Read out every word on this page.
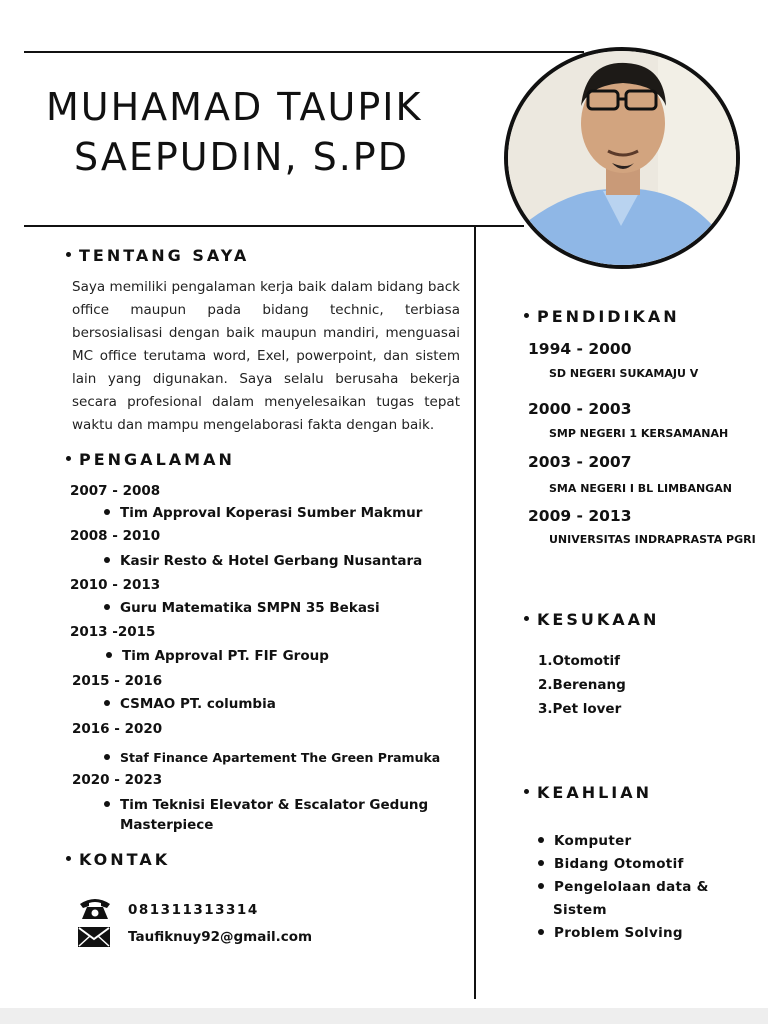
MUHAMAD TAUPIK
SAEPUDIN, S.PD
TENTANG SAYA
Saya memiliki pengalaman kerja baik dalam bidang back office maupun pada bidang technic, terbiasa bersosialisasi dengan baik maupun mandiri, menguasai MC office terutama word, Exel, powerpoint, dan sistem lain yang digunakan. Saya selalu berusaha bekerja secara profesional dalam menyelesaikan tugas tepat waktu dan mampu mengelaborasi fakta dengan baik.
PENGALAMAN
2007 - 2008
Tim Approval Koperasi Sumber Makmur
2008 - 2010
Kasir Resto & Hotel Gerbang Nusantara
2010 - 2013
Guru Matematika SMPN 35 Bekasi
2013 -2015
Tim Approval PT. FIF Group
2015 - 2016
CSMAO PT. columbia
2016 - 2020
Staf Finance Apartement The Green Pramuka
2020 - 2023
Tim Teknisi Elevator & Escalator Gedung
Masterpiece
KONTAK
081311313314
Taufiknuy92@gmail.com
PENDIDIKAN
1994 - 2000
SD NEGERI SUKAMAJU V
2000 - 2003
SMP NEGERI 1 KERSAMANAH
2003 - 2007
SMA NEGERI I BL LIMBANGAN
2009 - 2013
UNIVERSITAS INDRAPRASTA PGRI
KESUKAAN
1.Otomotif
2.Berenang
3.Pet lover
KEAHLIAN
Komputer
Bidang Otomotif
Pengelolaan data &
Sistem
Problem Solving
